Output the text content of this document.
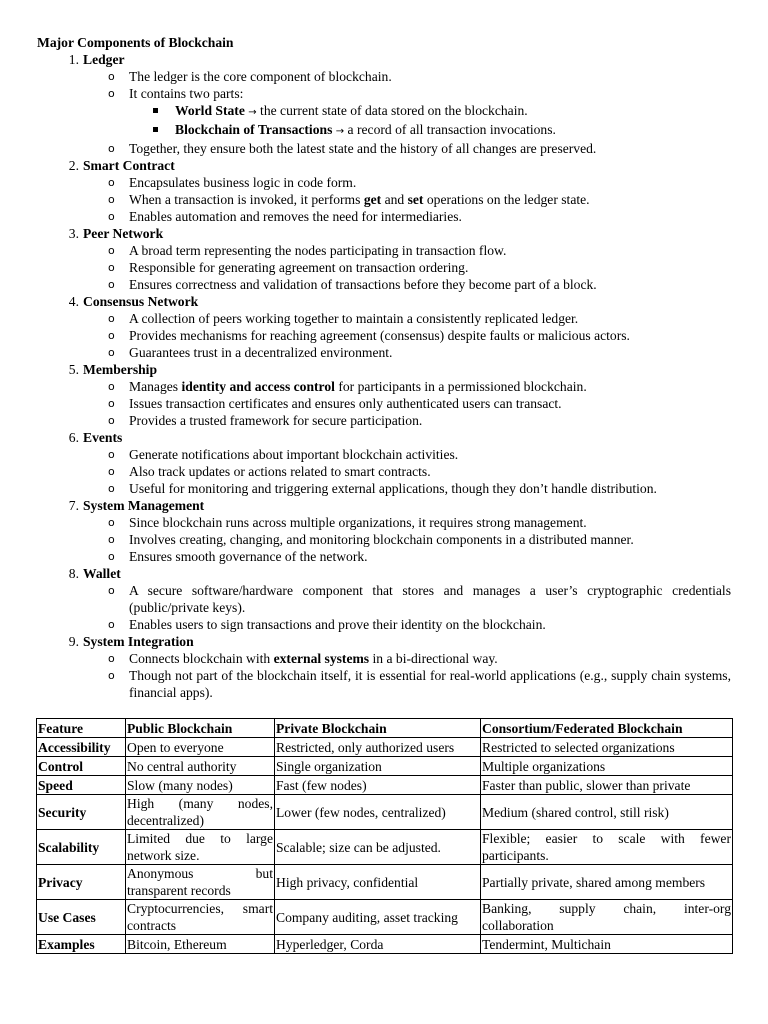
Major Components of Blockchain
1. Ledger
o The ledger is the core component of blockchain.
o It contains two parts:
World State → the current state of data stored on the blockchain.
Blockchain of Transactions → a record of all transaction invocations.
o Together, they ensure both the latest state and the history of all changes are preserved.
2. Smart Contract
o Encapsulates business logic in code form.
o When a transaction is invoked, it performs get and set operations on the ledger state.
o Enables automation and removes the need for intermediaries.
3. Peer Network
o A broad term representing the nodes participating in transaction flow.
o Responsible for generating agreement on transaction ordering.
o Ensures correctness and validation of transactions before they become part of a block.
4. Consensus Network
o A collection of peers working together to maintain a consistently replicated ledger.
o Provides mechanisms for reaching agreement (consensus) despite faults or malicious actors.
o Guarantees trust in a decentralized environment.
5. Membership
o Manages identity and access control for participants in a permissioned blockchain.
o Issues transaction certificates and ensures only authenticated users can transact.
o Provides a trusted framework for secure participation.
6. Events
o Generate notifications about important blockchain activities.
o Also track updates or actions related to smart contracts.
o Useful for monitoring and triggering external applications, though they don’t handle distribution.
7. System Management
o Since blockchain runs across multiple organizations, it requires strong management.
o Involves creating, changing, and monitoring blockchain components in a distributed manner.
o Ensures smooth governance of the network.
8. Wallet
o A secure software/hardware component that stores and manages a user’s cryptographic credentials (public/private keys).
o Enables users to sign transactions and prove their identity on the blockchain.
9. System Integration
o Connects blockchain with external systems in a bi-directional way.
o Though not part of the blockchain itself, it is essential for real-world applications (e.g., supply chain systems, financial apps).
Feature	Public Blockchain	Private Blockchain	Consortium/Federated Blockchain
Accessibility	Open to everyone	Restricted, only authorized users	Restricted to selected organizations
Control	No central authority	Single organization	Multiple organizations
Speed	Slow (many nodes)	Fast (few nodes)	Faster than public, slower than private
Security	High (many nodes, decentralized)	Lower (few nodes, centralized)	Medium (shared control, still risk)
Scalability	Limited due to large network size.	Scalable; size can be adjusted.	Flexible; easier to scale with fewer participants.
Privacy	Anonymous but transparent records	High privacy, confidential	Partially private, shared among members
Use Cases	Cryptocurrencies, smart contracts	Company auditing, asset tracking	Banking, supply chain, inter-org collaboration
Examples	Bitcoin, Ethereum	Hyperledger, Corda	Tendermint, Multichain
